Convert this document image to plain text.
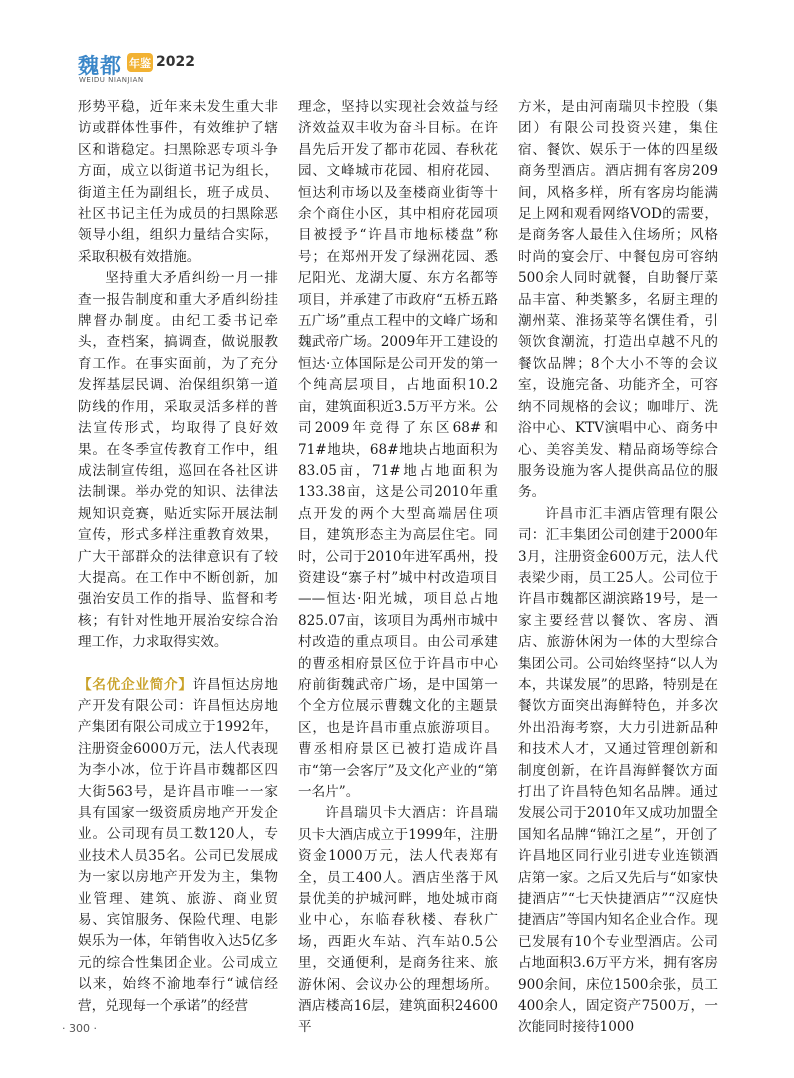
魏都 年 鉴 2022
WEIDU NIANJIAN

形势平稳，近年来未发生重大非访或群体性事件，有效维护了辖区和谐稳定。扫黑除恶专项斗争方面，成立以街道书记为组长，街道主任为副组长，班子成员、社区书记主任为成员的扫黑除恶领导小组，组织力量结合实际，采取积极有效措施。

坚持重大矛盾纠纷一月一排查一报告制度和重大矛盾纠纷挂牌督办制度。由纪工委书记牵头，查档案，搞调查，做说服教育工作。在事实面前，为了充分发挥基层民调、治保组织第一道防线的作用，采取灵活多样的普法宣传形式，均取得了良好效果。在冬季宣传教育工作中，组成法制宣传组，巡回在各社区讲法制课。举办党的知识、法律法规知识竞赛，贴近实际开展法制宣传，形式多样注重教育效果，广大干部群众的法律意识有了较大提高。在工作中不断创新，加强治安员工作的指导、监督和考核；有针对性地开展治安综合治理工作，力求取得实效。

【名优企业简介】许昌恒达房地产开发有限公司：许昌恒达房地产集团有限公司成立于1992年，注册资金6000万元，法人代表现为李小冰，位于许昌市魏都区四大街563号，是许昌市唯一一家具有国家一级资质房地产开发企业。公司现有员工数120人，专业技术人员35名。公司已发展成为一家以房地产开发为主，集物业管理、建筑、旅游、商业贸易、宾馆服务、保险代理、电影娱乐为一体，年销售收入达5亿多元的综合性集团企业。公司成立以来，始终不渝地奉行“诚信经营，兑现每一个承诺”的经营

理念，坚持以实现社会效益与经济效益双丰收为奋斗目标。在许昌先后开发了都市花园、春秋花园、文峰城市花园、相府花园、恒达利市场以及奎楼商业街等十余个商住小区，其中相府花园项目被授予“许昌市地标楼盘”称号；在郑州开发了绿洲花园、悉尼阳光、龙湖大厦、东方名都等项目，并承建了市政府“五桥五路五广场”重点工程中的文峰广场和魏武帝广场。2009年开工建设的恒达·立体国际是公司开发的第一个纯高层项目，占地面积10.2亩，建筑面积近3.5万平方米。公司2009年竞得了东区68#和71#地块，68#地块占地面积为83.05亩，71#地占地面积为133.38亩，这是公司2010年重点开发的两个大型高端居住项目，建筑形态主为高层住宅。同时，公司于2010年进军禹州，投资建设“寨子村”城中村改造项目——恒达·阳光城，项目总占地825.07亩，该项目为禹州市城中村改造的重点项目。由公司承建的曹丞相府景区位于许昌市中心府前街魏武帝广场，是中国第一个全方位展示曹魏文化的主题景区，也是许昌市重点旅游项目。曹丞相府景区已被打造成许昌市“第一会客厅”及文化产业的“第一名片”。

许昌瑞贝卡大酒店：许昌瑞贝卡大酒店成立于1999年，注册资金1000万元，法人代表郑有全，员工400人。酒店坐落于风景优美的护城河畔，地处城市商业中心，东临春秋楼、春秋广场，西距火车站、汽车站0.5公里，交通便利，是商务往来、旅游休闲、会议办公的理想场所。酒店楼高16层，建筑面积24600平

方米，是由河南瑞贝卡控股（集团）有限公司投资兴建，集住宿、餐饮、娱乐于一体的四星级商务型酒店。酒店拥有客房209间，风格多样，所有客房均能满足上网和观看网络VOD的需要，是商务客人最佳入住场所；风格时尚的宴会厅、中餐包房可容纳500余人同时就餐，自助餐厅菜品丰富、种类繁多，名厨主理的潮州菜、淮扬菜等名馔佳肴，引领饮食潮流，打造出卓越不凡的餐饮品牌；8个大小不等的会议室，设施完备、功能齐全，可容纳不同规格的会议；咖啡厅、洗浴中心、KTV演唱中心、商务中心、美容美发、精品商场等综合服务设施为客人提供高品位的服务。

许昌市汇丰酒店管理有限公司：汇丰集团公司创建于2000年3月，注册资金600万元，法人代表梁少雨，员工25人。公司位于许昌市魏都区湖滨路19号，是一家主要经营以餐饮、客房、酒店、旅游休闲为一体的大型综合集团公司。公司始终坚持“以人为本，共谋发展”的思路，特别是在餐饮方面突出海鲜特色，并多次外出沿海考察，大力引进新品种和技术人才，又通过管理创新和制度创新，在许昌海鲜餐饮方面打出了许昌特色知名品牌。通过发展公司于2010年又成功加盟全国知名品牌“锦江之星”，开创了许昌地区同行业引进专业连锁酒店第一家。之后又先后与“如家快捷酒店”“七天快捷酒店”“汉庭快捷酒店”等国内知名企业合作。现已发展有10个专业型酒店。公司占地面积3.6万平方米，拥有客房900余间，床位1500余张，员工400余人，固定资产7500万，一次能同时接待1000

· 300 ·
